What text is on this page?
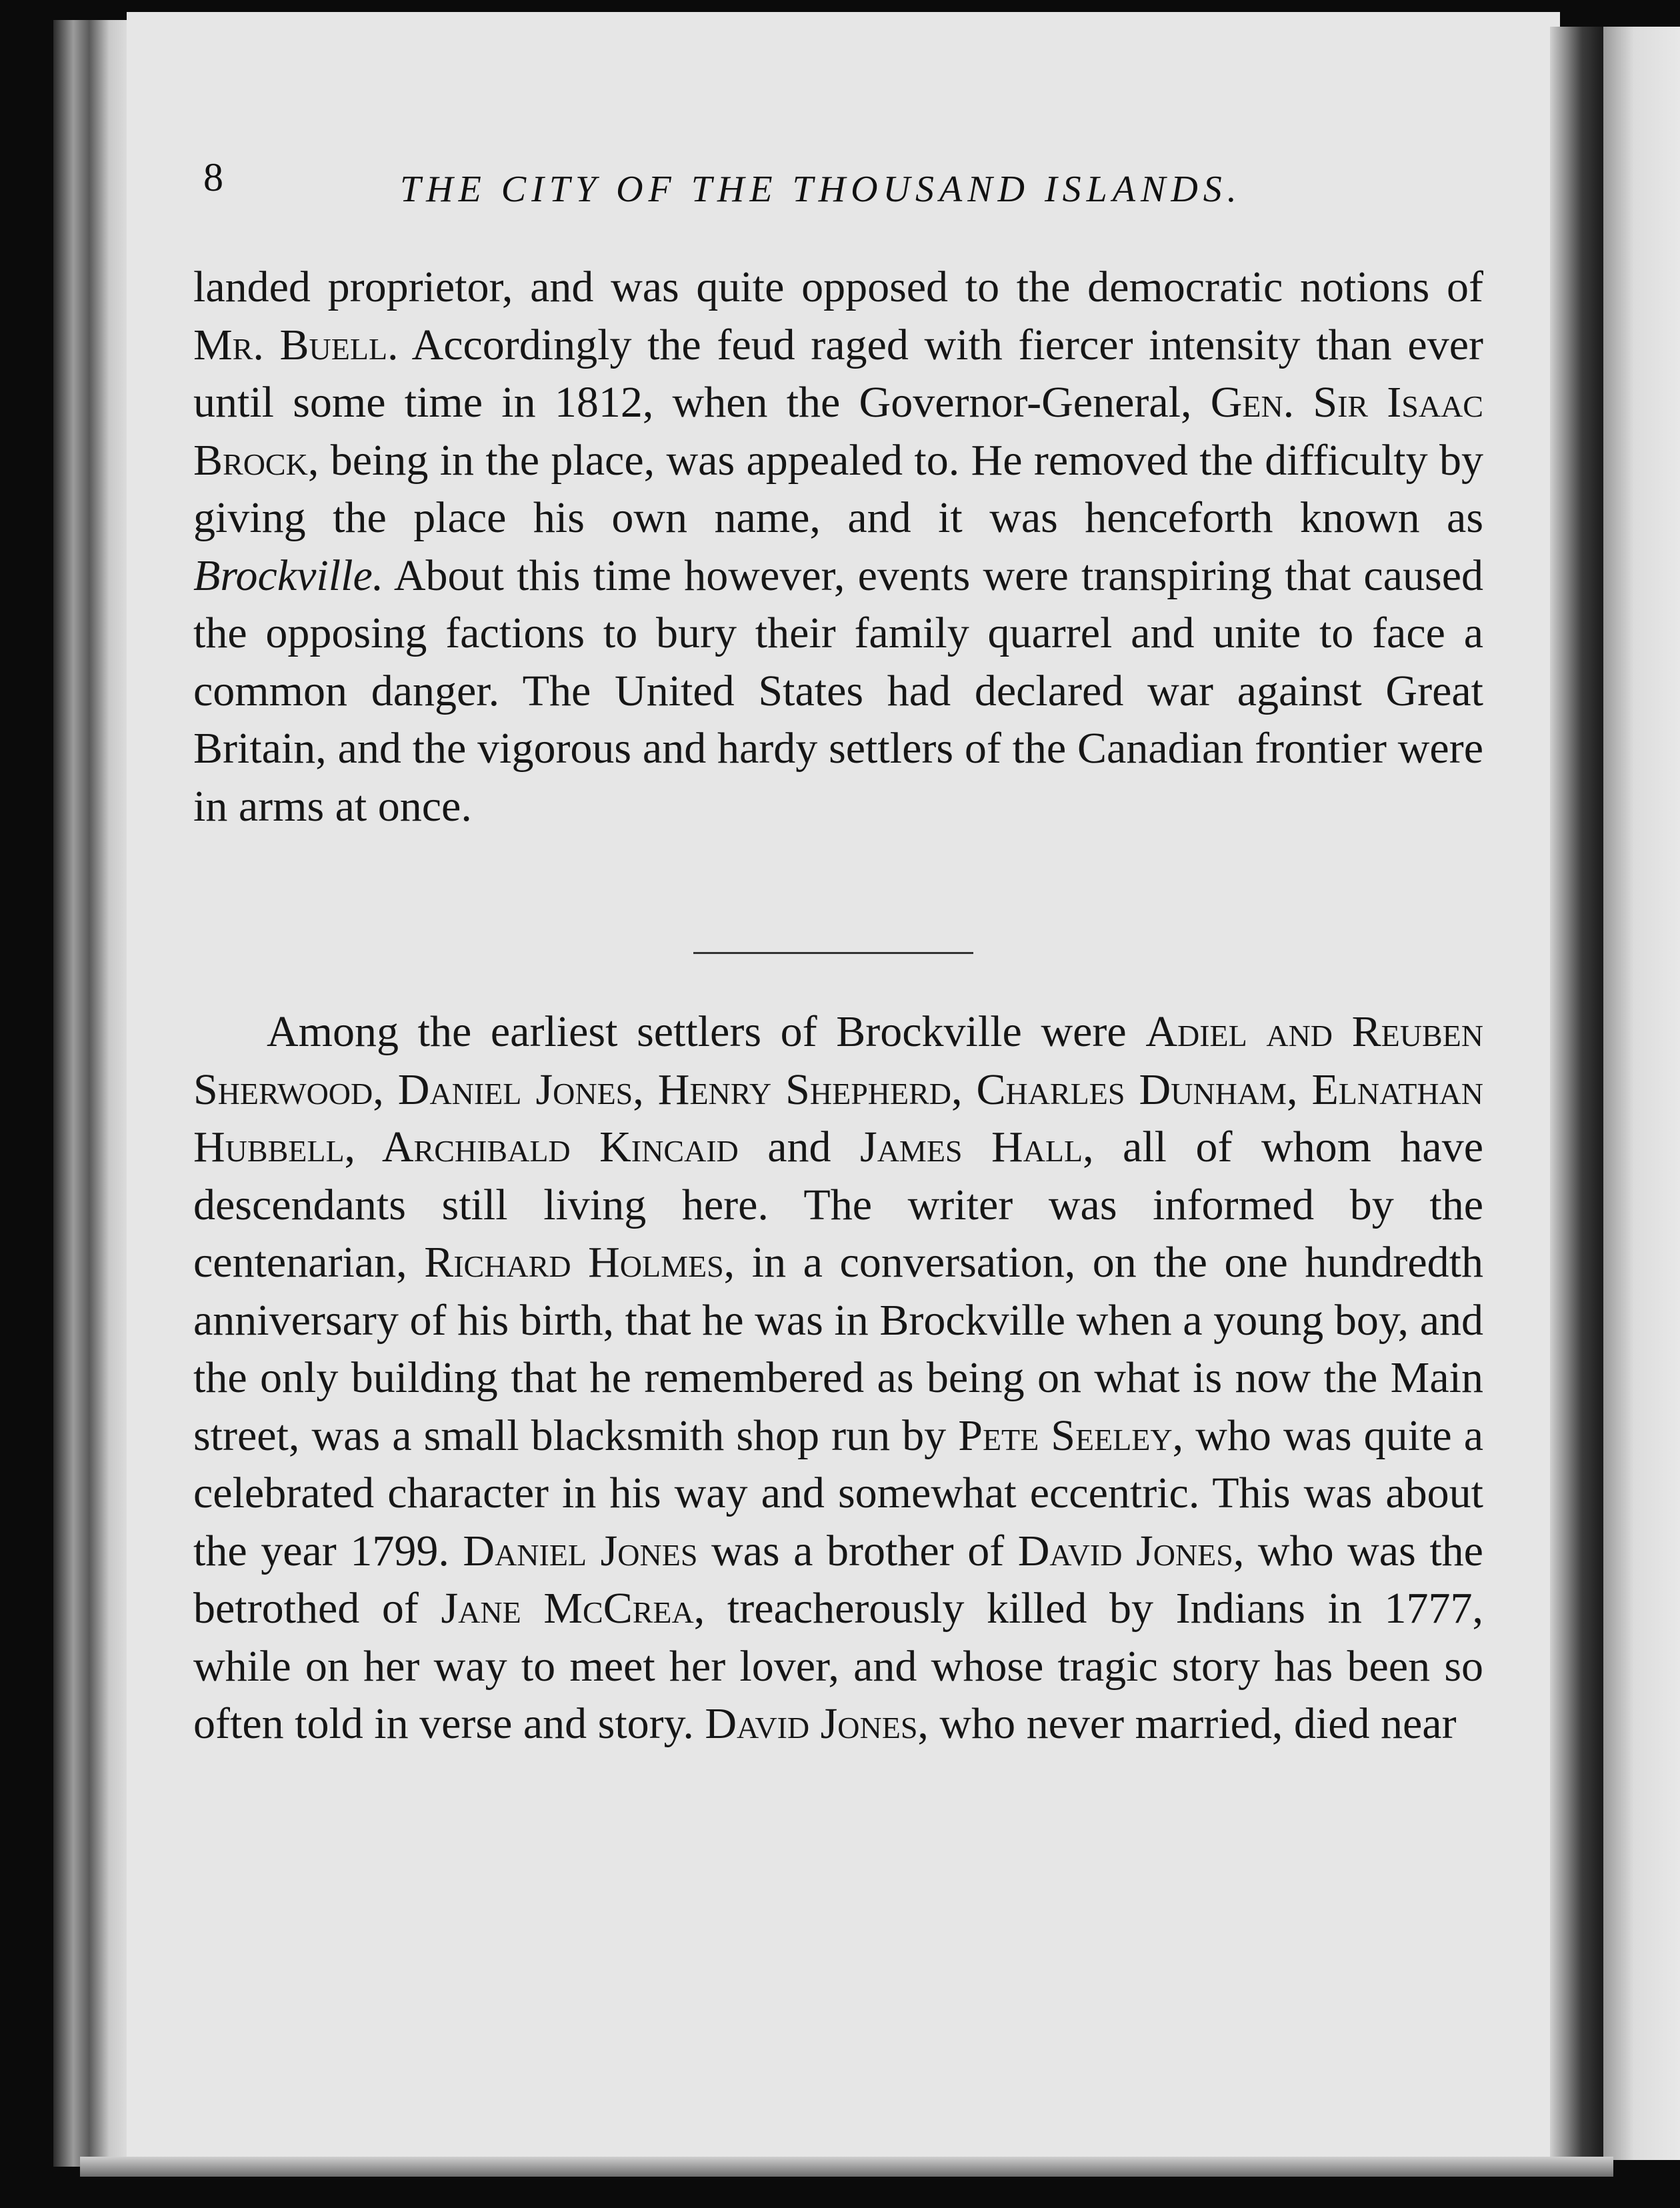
8	THE CITY OF THE THOUSAND ISLANDS.
landed proprietor, and was quite opposed to the democratic notions of Mr. Buell. Accordingly the feud raged with fiercer intensity than ever until some time in 1812, when the Governor-General, Gen. Sir Isaac Brock, being in the place, was appealed to. He removed the difficulty by giving the place his own name, and it was henceforth known as Brockville. About this time however, events were transpiring that caused the opposing factions to bury their family quarrel and unite to face a common danger. The United States had declared war against Great Britain, and the vigorous and hardy settlers of the Canadian frontier were in arms at once.
Among the earliest settlers of Brockville were Adiel and Reuben Sherwood, Daniel Jones, Henry Shepherd, Charles Dunham, Elnathan Hubbell, Archibald Kincaid and James Hall, all of whom have descendants still living here. The writer was informed by the centenarian, Richard Holmes, in a conversation, on the one hundredth anniversary of his birth, that he was in Brockville when a young boy, and the only building that he remembered as being on what is now the Main street, was a small blacksmith shop run by Pete Seeley, who was quite a celebrated character in his way and somewhat eccentric. This was about the year 1799. Daniel Jones was a brother of David Jones, who was the betrothed of Jane McCrea, treacherously killed by Indians in 1777, while on her way to meet her lover, and whose tragic story has been so often told in verse and story. David Jones, who never married, died near
